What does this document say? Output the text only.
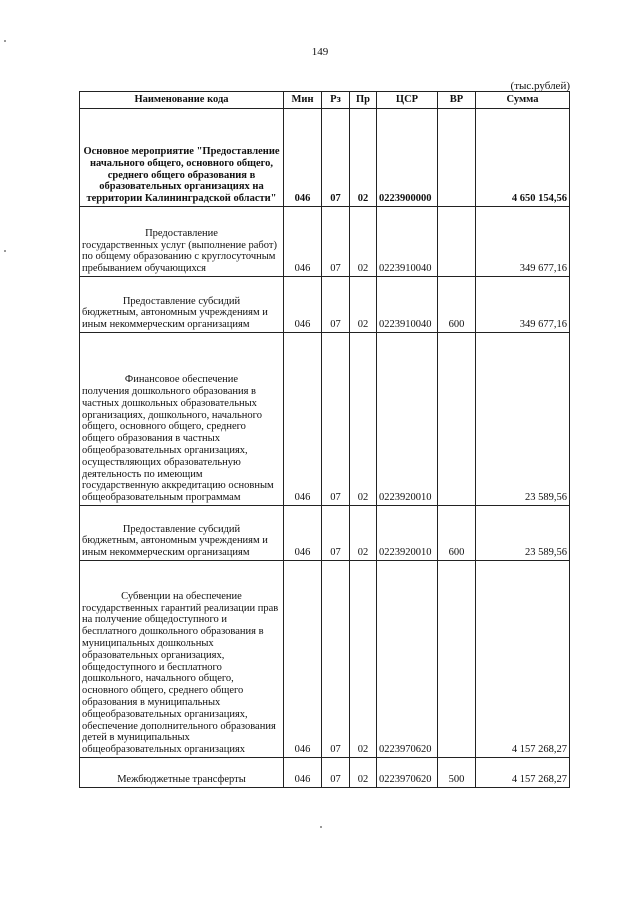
149
(тыс.рублей)
Наименование кода	Мин	Рз	Пр	ЦСР	ВР	Сумма
Основное мероприятие "Предоставление начального общего, основного общего, среднего общего образования в образовательных организациях на территории Калининградской области"	046	07	02	0223900000		4 650 154,56

Предоставление
государственных услуг (выполнение работ) по общему образованию с круглосуточным пребыванием обучающихся	046	07	02	0223910040		349 677,16

Предоставление субсидий
бюджетным, автономным учреждениям и иным некоммерческим организациям	046	07	02	0223910040	600	349 677,16

Финансовое обеспечение
получения дошкольного образования в частных дошкольных образовательных организациях, дошкольного, начального общего, основного общего, среднего общего образования в частных общеобразовательных организациях, осуществляющих образовательную деятельность по имеющим государственную аккредитацию основным общеобразовательным программам	046	07	02	0223920010		23 589,56

Предоставление субсидий
бюджетным, автономным учреждениям и иным некоммерческим организациям	046	07	02	0223920010	600	23 589,56

Субвенции на обеспечение
государственных гарантий реализации прав на получение общедоступного и бесплатного дошкольного образования в муниципальных дошкольных образовательных организациях, общедоступного и бесплатного дошкольного, начального общего, основного общего, среднего общего образования в муниципальных общеобразовательных организациях, обеспечение дополнительного образования детей в муниципальных общеобразовательных организациях	046	07	02	0223970620		4 157 268,27

Межбюджетные трансферты	046	07	02	0223970620	500	4 157 268,27
